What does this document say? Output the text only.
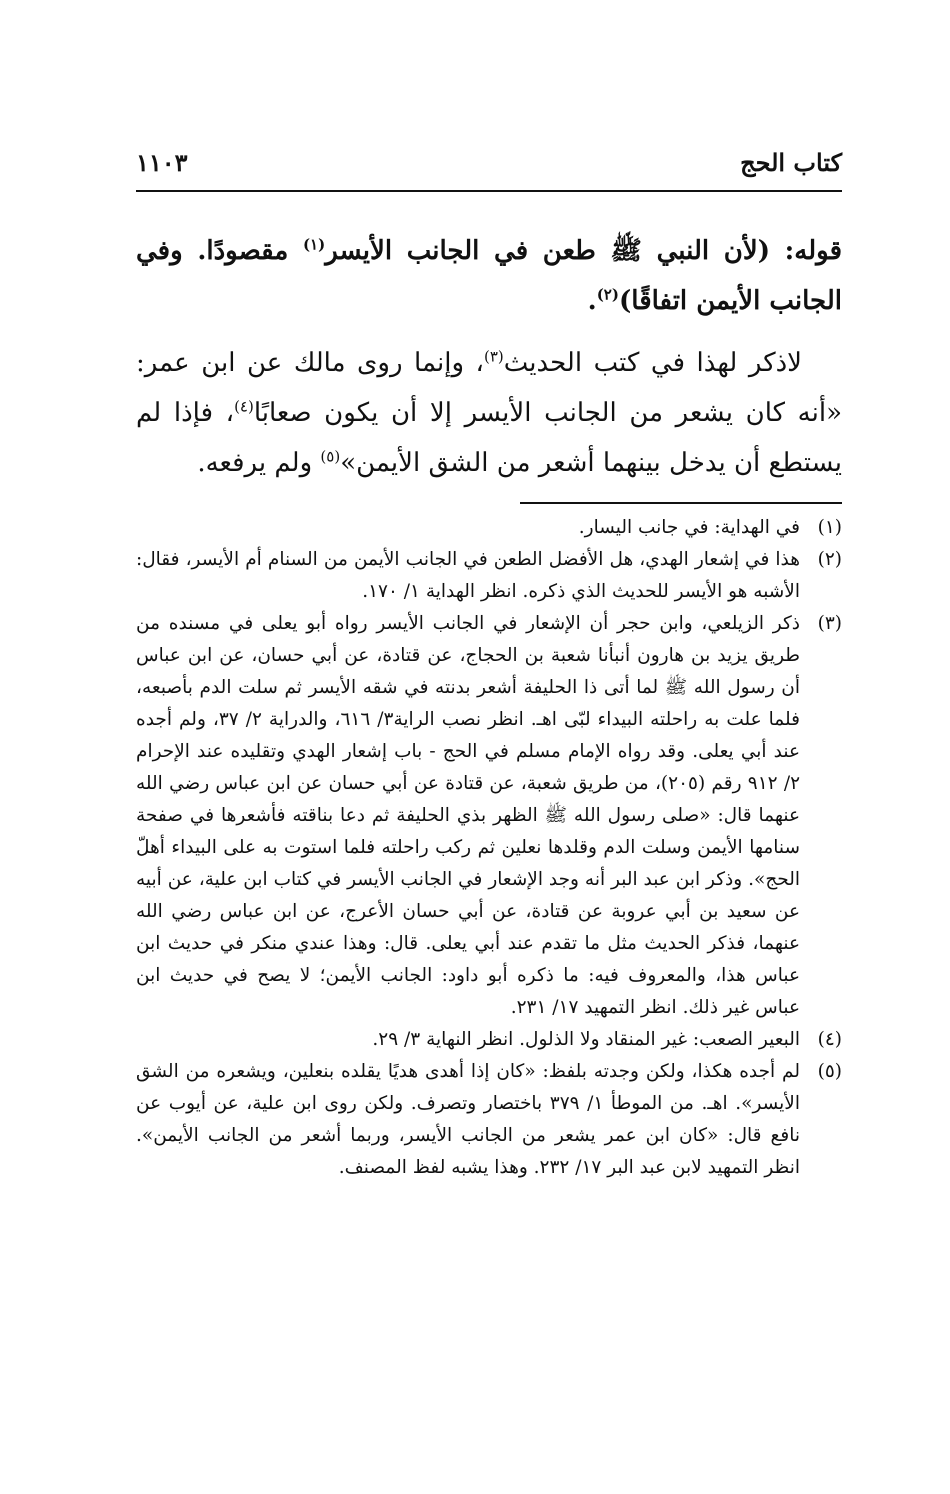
كتاب الحج
١١٠٣

قوله: (لأن النبي ﷺ طعن في الجانب الأيسر$^{(١)}$ مقصودًا. وفي الجانب الأيمن اتفاقًا)$^{(٢)}$.

لاذكر لهذا في كتب الحديث$^{(٣)}$، وإنما روى مالك عن ابن عمر: «أنه كان يشعر من الجانب الأيسر إلا أن يكون صعابًا$^{(٤)}$، فإذا لم يستطع أن يدخل بينهما أشعر من الشق الأيمن»$^{(٥)}$ ولم يرفعه.

(١)
في الهداية: في جانب اليسار.
(٢)
هذا في إشعار الهدي، هل الأفضل الطعن في الجانب الأيمن من السنام أم الأيسر، فقال: الأشبه هو الأيسر للحديث الذي ذكره. انظر الهداية ١/ ١٧٠.
(٣)
ذكر الزيلعي، وابن حجر أن الإشعار في الجانب الأيسر رواه أبو يعلى في مسنده من طريق يزيد بن هارون أنبأنا شعبة بن الحجاج، عن قتادة، عن أبي حسان، عن ابن عباس أن رسول الله ﷺ لما أتى ذا الحليفة أشعر بدنته في شقه الأيسر ثم سلت الدم بأصبعه، فلما علت به راحلته البيداء لبّى اهـ. انظر نصب الراية٣/ ٦١٦، والدراية ٢/ ٣٧، ولم أجده عند أبي يعلى. وقد رواه الإمام مسلم في الحج - باب إشعار الهدي وتقليده عند الإحرام ٢/ ٩١٢ رقم (٢٠٥)، من طريق شعبة، عن قتادة عن أبي حسان عن ابن عباس رضي الله عنهما قال: «صلى رسول الله ﷺ الظهر بذي الحليفة ثم دعا بناقته فأشعرها في صفحة سنامها الأيمن وسلت الدم وقلدها نعلين ثم ركب راحلته فلما استوت به على البيداء أهلّ الحج». وذكر ابن عبد البر أنه وجد الإشعار في الجانب الأيسر في كتاب ابن علية، عن أبيه عن سعيد بن أبي عروبة عن قتادة، عن أبي حسان الأعرج، عن ابن عباس رضي الله عنهما، فذكر الحديث مثل ما تقدم عند أبي يعلى. قال: وهذا عندي منكر في حديث ابن عباس هذا، والمعروف فيه: ما ذكره أبو داود: الجانب الأيمن؛ لا يصح في حديث ابن عباس غير ذلك. انظر التمهيد ١٧/ ٢٣١.
(٤)
البعير الصعب: غير المنقاد ولا الذلول. انظر النهاية ٣/ ٢٩.
(٥)
لم أجده هكذا، ولكن وجدته بلفظ: «كان إذا أهدى هديًا يقلده بنعلين، ويشعره من الشق الأيسر». اهـ. من الموطأ ١/ ٣٧٩ باختصار وتصرف. ولكن روى ابن علية، عن أيوب عن نافع قال: «كان ابن عمر يشعر من الجانب الأيسر، وربما أشعر من الجانب الأيمن». انظر التمهيد لابن عبد البر ١٧/ ٢٣٢. وهذا يشبه لفظ المصنف.
